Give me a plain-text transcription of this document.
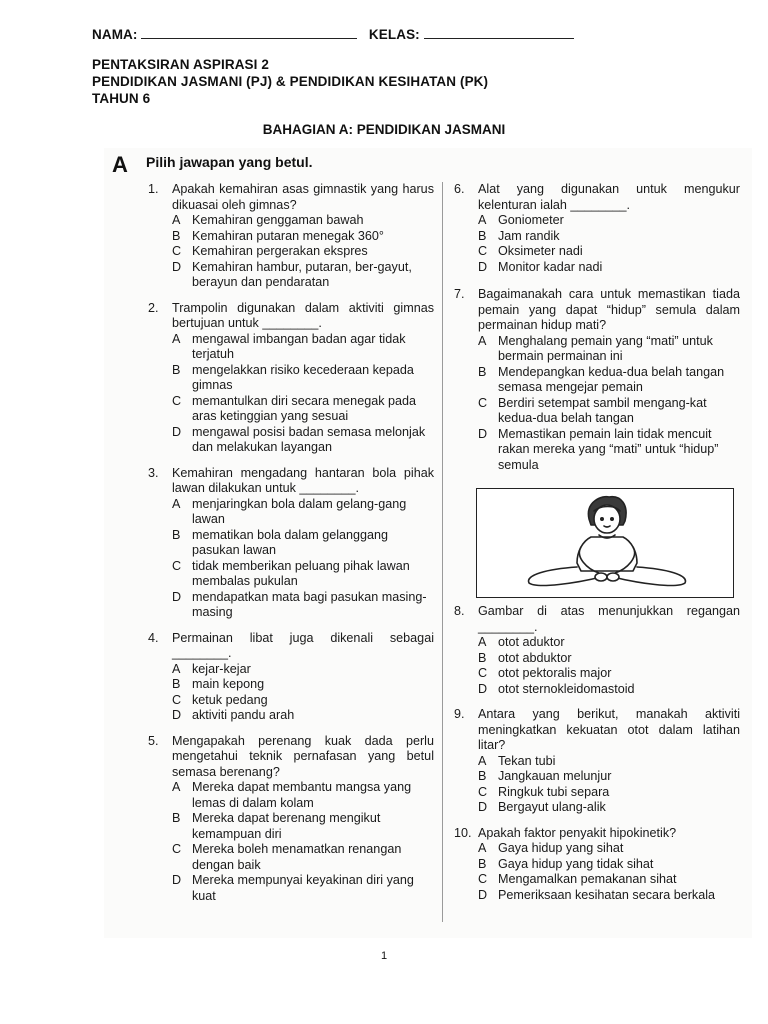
NAMA:	KELAS:
PENTAKSIRAN ASPIRASI 2
PENDIDIKAN JASMANI (PJ) & PENDIDIKAN KESIHATAN (PK)
TAHUN 6
BAHAGIAN A: PENDIDIKAN JASMANI
A Pilih jawapan yang betul.
1.	Apakah kemahiran asas gimnastik yang harus dikuasai oleh gimnas?
A Kemahiran genggaman bawah
B Kemahiran putaran menegak 360°
C Kemahiran pergerakan ekspres
D Kemahiran hambur, putaran, ber-gayut, berayun dan pendaratan
2.	Trampolin digunakan dalam aktiviti gimnas bertujuan untuk ________.
A mengawal imbangan badan agar tidak terjatuh
B mengelakkan risiko kecederaan kepada gimnas
C memantulkan diri secara menegak pada aras ketinggian yang sesuai
D mengawal posisi badan semasa melonjak dan melakukan layangan
3.	Kemahiran mengadang hantaran bola pihak lawan dilakukan untuk ________.
A menjaringkan bola dalam gelang-gang lawan
B mematikan bola dalam gelanggang pasukan lawan
C tidak memberikan peluang pihak lawan membalas pukulan
D mendapatkan mata bagi pasukan masing-masing
4.	Permainan libat juga dikenali sebagai ________.
A kejar-kejar
B main kepong
C ketuk pedang
D aktiviti pandu arah
5.	Mengapakah perenang kuak dada perlu mengetahui teknik pernafasan yang betul semasa berenang?
A Mereka dapat membantu mangsa yang lemas di dalam kolam
B Mereka dapat berenang mengikut kemampuan diri
C Mereka boleh menamatkan renangan dengan baik
D Mereka mempunyai keyakinan diri yang kuat
6.	Alat yang digunakan untuk mengukur kelenturan ialah ________.
A Goniometer
B Jam randik
C Oksimeter nadi
D Monitor kadar nadi
7.	Bagaimanakah cara untuk memastikan tiada pemain yang dapat “hidup” semula dalam permainan hidup mati?
A Menghalang pemain yang “mati” untuk bermain permainan ini
B Mendepangkan kedua-dua belah tangan semasa mengejar pemain
C Berdiri setempat sambil mengang-kat kedua-dua belah tangan
D Memastikan pemain lain tidak mencuit rakan mereka yang “mati” untuk “hidup” semula
8.	Gambar di atas menunjukkan regangan ________.
A otot aduktor
B otot abduktor
C otot pektoralis major
D otot sternokleidomastoid
9.	Antara yang berikut, manakah aktiviti meningkatkan kekuatan otot dalam latihan litar?
A Tekan tubi
B Jangkauan melunjur
C Ringkuk tubi separa
D Bergayut ulang-alik
10. Apakah faktor penyakit hipokinetik?
A Gaya hidup yang sihat
B Gaya hidup yang tidak sihat
C Mengamalkan pemakanan sihat
D Pemeriksaan kesihatan secara berkala
1
